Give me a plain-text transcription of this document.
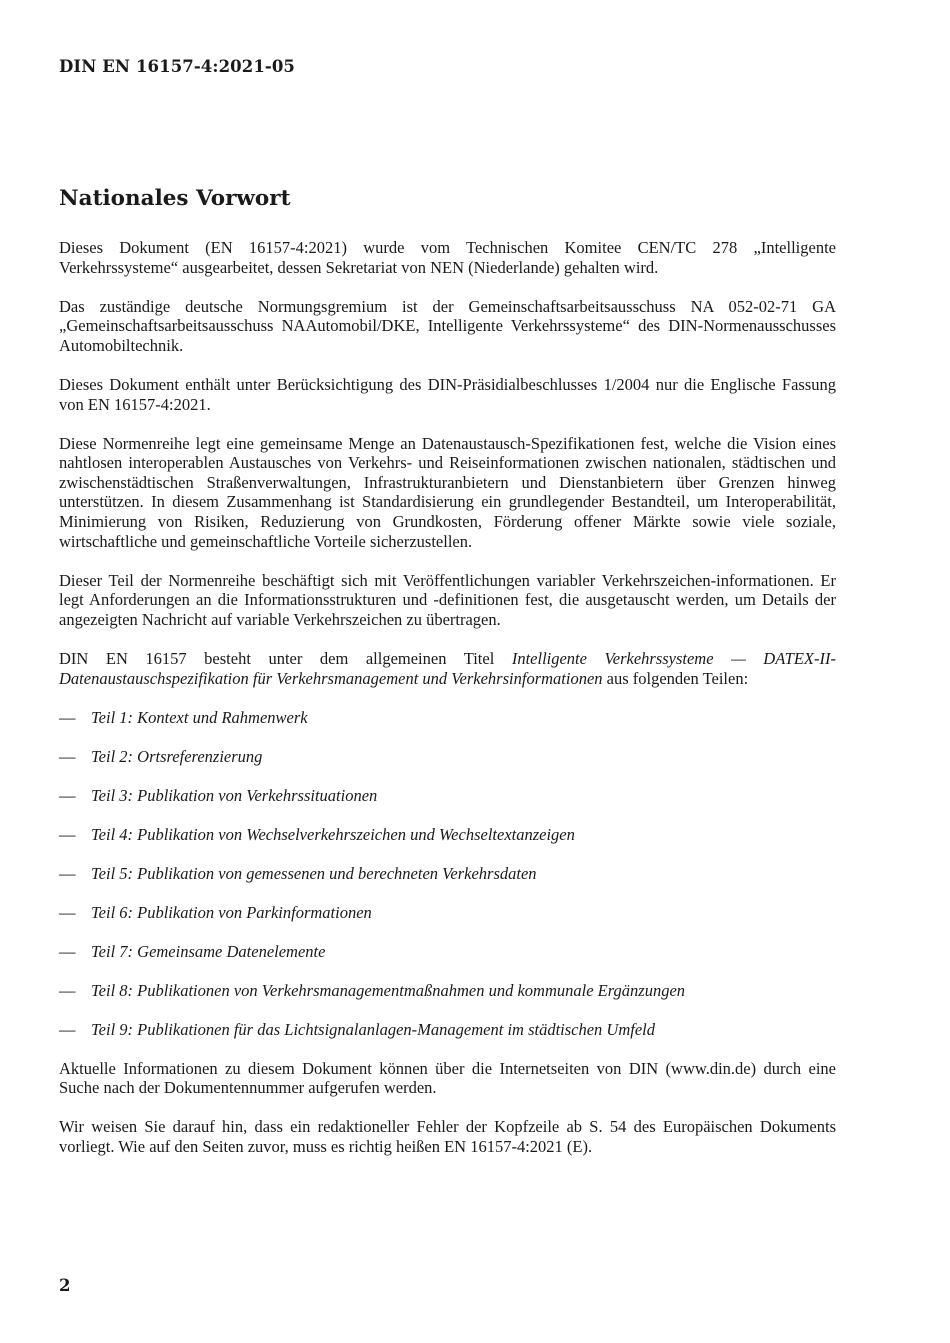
DIN EN 16157-4:2021-05
Nationales Vorwort

Dieses Dokument (EN 16157-4:2021) wurde vom Technischen Komitee CEN/TC 278 „Intelligente Verkehrssysteme“ ausgearbeitet, dessen Sekretariat von NEN (Niederlande) gehalten wird.

Das zuständige deutsche Normungsgremium ist der Gemeinschaftsarbeitsausschuss NA 052-02-71 GA „Gemeinschaftsarbeitsausschuss NAAutomobil/DKE, Intelligente Verkehrssysteme“ des DIN-Normenausschusses Automobiltechnik.

Dieses Dokument enthält unter Berücksichtigung des DIN-Präsidialbeschlusses 1/2004 nur die Englische Fassung von EN 16157-4:2021.

Diese Normenreihe legt eine gemeinsame Menge an Datenaustausch-Spezifikationen fest, welche die Vision eines nahtlosen interoperablen Austausches von Verkehrs- und Reiseinformationen zwischen nationalen, städtischen und zwischenstädtischen Straßenverwaltungen, Infrastrukturanbietern und Dienstanbietern über Grenzen hinweg unterstützen. In diesem Zusammenhang ist Standardisierung ein grundlegender Bestandteil, um Interoperabilität, Minimierung von Risiken, Reduzierung von Grundkosten, Förderung offener Märkte sowie viele soziale, wirtschaftliche und gemeinschaftliche Vorteile sicherzustellen.

Dieser Teil der Normenreihe beschäftigt sich mit Veröffentlichungen variabler Verkehrszeichen-informationen. Er legt Anforderungen an die Informationsstrukturen und -definitionen fest, die ausgetauscht werden, um Details der angezeigten Nachricht auf variable Verkehrszeichen zu übertragen.

DIN EN 16157 besteht unter dem allgemeinen Titel Intelligente Verkehrssysteme — DATEX-II-Datenaustauschspezifikation für Verkehrsmanagement und Verkehrsinformationen aus folgenden Teilen:

— Teil 1: Kontext und Rahmenwerk
— Teil 2: Ortsreferenzierung
— Teil 3: Publikation von Verkehrssituationen
— Teil 4: Publikation von Wechselverkehrszeichen und Wechseltextanzeigen
— Teil 5: Publikation von gemessenen und berechneten Verkehrsdaten
— Teil 6: Publikation von Parkinformationen
— Teil 7: Gemeinsame Datenelemente
— Teil 8: Publikationen von Verkehrsmanagementmaßnahmen und kommunale Ergänzungen
— Teil 9: Publikationen für das Lichtsignalanlagen-Management im städtischen Umfeld

Aktuelle Informationen zu diesem Dokument können über die Internetseiten von DIN (www.din.de) durch eine Suche nach der Dokumentennummer aufgerufen werden.

Wir weisen Sie darauf hin, dass ein redaktioneller Fehler der Kopfzeile ab S. 54 des Europäischen Dokuments vorliegt. Wie auf den Seiten zuvor, muss es richtig heißen EN 16157-4:2021 (E).

2
